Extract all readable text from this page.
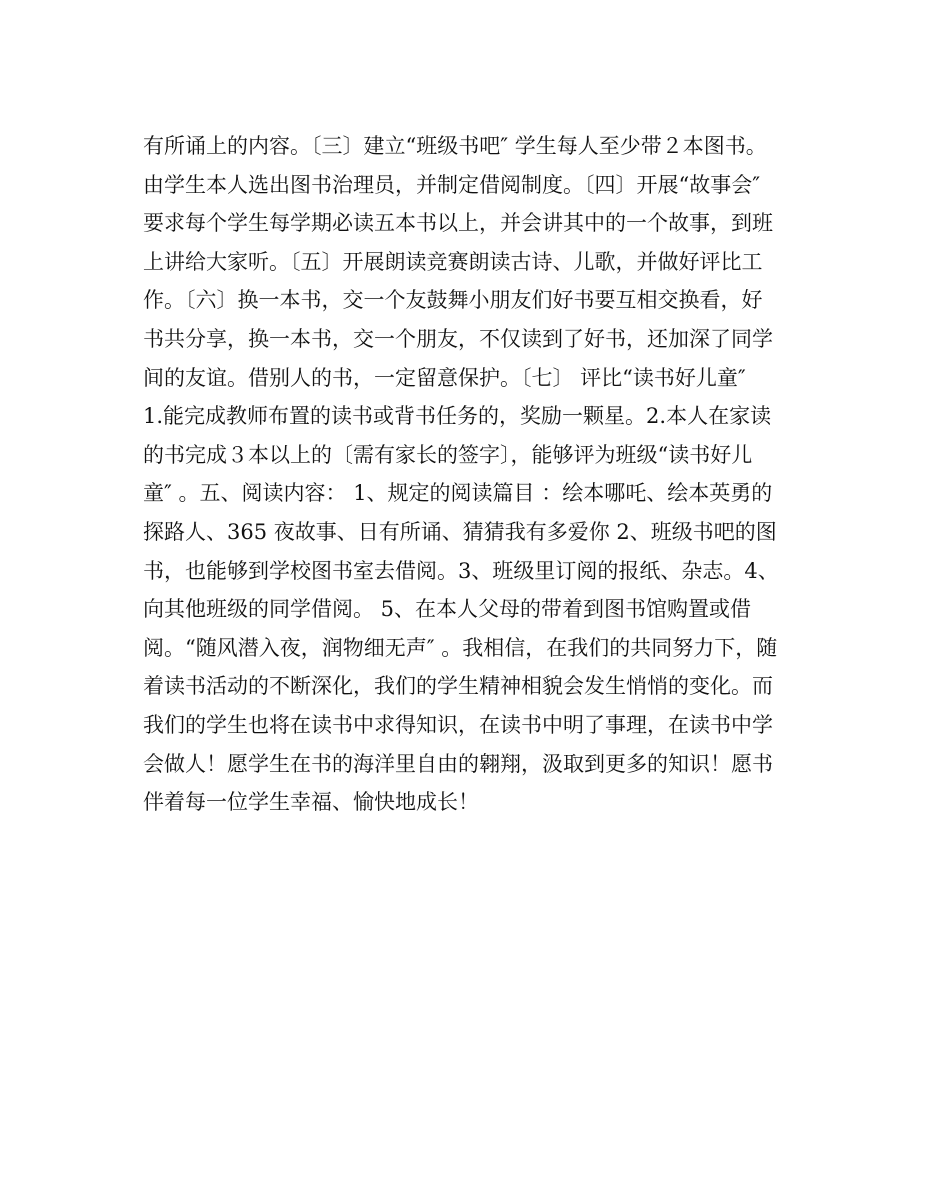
有所诵上的内容。〔三〕建立“班级书吧″ 学生每人至少带２本图书。
由学生本人选出图书治理员，并制定借阅制度。〔四〕开展“故事会″
要求每个学生每学期必读五本书以上，并会讲其中的一个故事，到班
上讲给大家听。〔五〕开展朗读竞赛朗读古诗、儿歌，并做好评比工
作。〔六〕换一本书，交一个友鼓舞小朋友们好书要互相交换看，好
书共分享，换一本书，交一个朋友，不仅读到了好书，还加深了同学
间的友谊。借别人的书，一定留意保护。〔七〕 评比“读书好儿童″
1.能完成教师布置的读书或背书任务的，奖励一颗星。2.本人在家读
的书完成３本以上的〔需有家长的签字〕，能够评为班级“读书好儿
童″ 。五、阅读内容： 1、规定的阅读篇目 ：绘本哪吒、绘本英勇的
探路人、365 夜故事、日有所诵、猜猜我有多爱你 2、班级书吧的图
书，也能够到学校图书室去借阅。3、班级里订阅的报纸、杂志。4、
向其他班级的同学借阅。 5、在本人父母的带着到图书馆购置或借
阅。“随风潜入夜，润物细无声″ 。我相信，在我们的共同努力下，随
着读书活动的不断深化，我们的学生精神相貌会发生悄悄的变化。而
我们的学生也将在读书中求得知识，在读书中明了事理，在读书中学
会做人！愿学生在书的海洋里自由的翱翔，汲取到更多的知识！愿书
伴着每一位学生幸福、愉快地成长！
